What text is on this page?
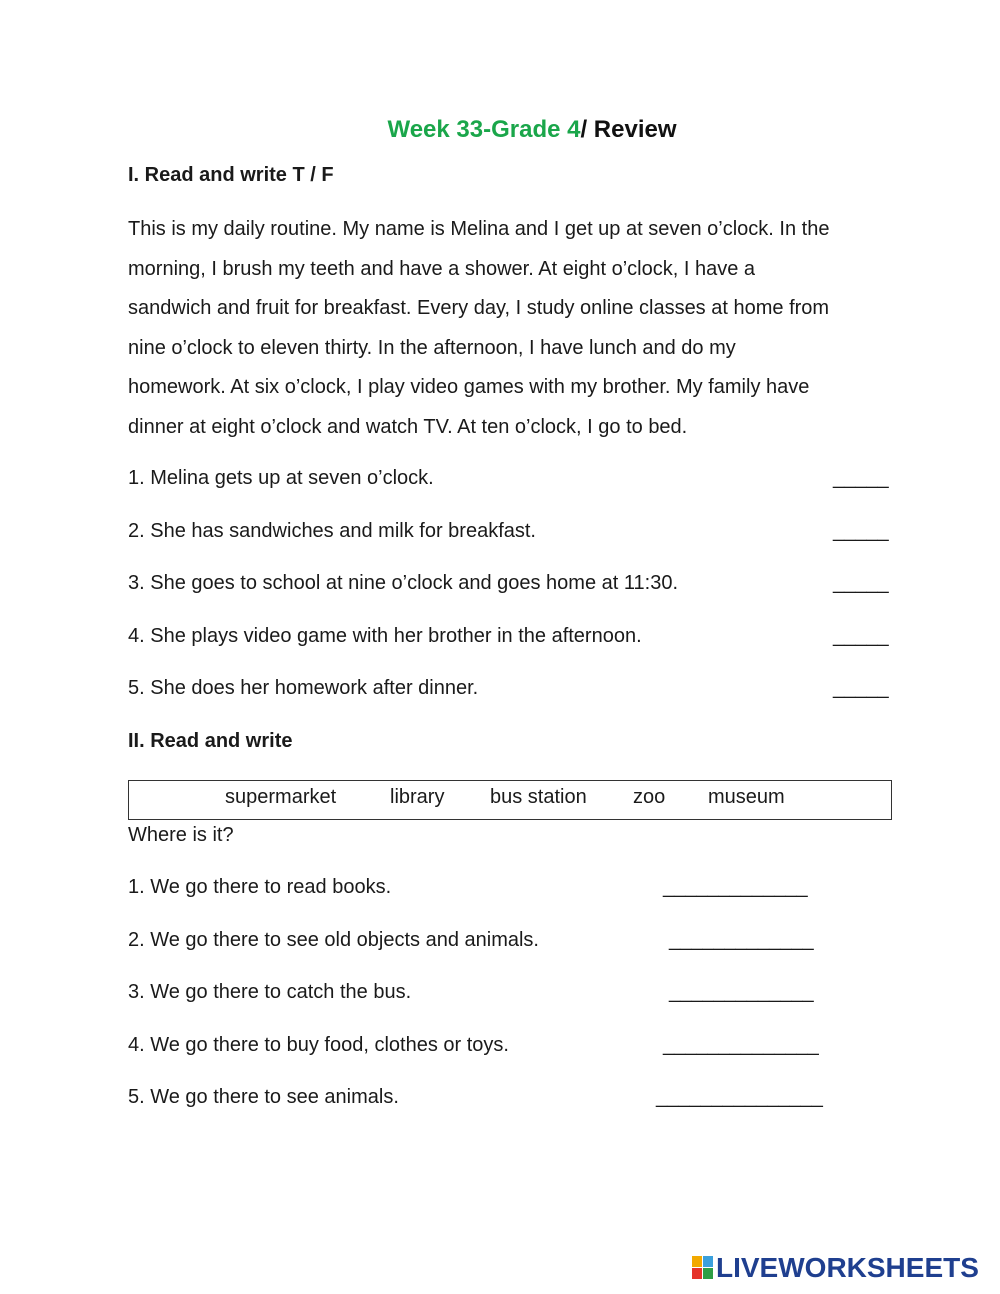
Week 33-Grade 4/ Review
I. Read and write T / F
This is my daily routine. My name is Melina and I get up at seven o’clock. In the
morning, I brush my teeth and have a shower. At eight o’clock, I have a
sandwich and fruit for breakfast. Every day, I study online classes at home from
nine o’clock to eleven thirty. In the afternoon, I have lunch and do my
homework. At six o’clock, I play video games with my brother. My family have
dinner at eight o’clock and watch TV. At ten o’clock, I go to bed.
1. Melina gets up at seven o’clock.	_____
2. She has sandwiches and milk for breakfast.	_____
3. She goes to school at nine o’clock and goes home at 11:30.	_____
4. She plays video game with her brother in the afternoon.	_____
5. She does her homework after dinner.	_____
II. Read and write
supermarket	library bus station zoo museum
Where is it?
1. We go there to read books.	_____________
2. We go there to see old objects and animals.	_____________
3. We go there to catch the bus.	_____________
4. We go there to buy food, clothes or toys.	______________
5. We go there to see animals.	_______________
LIVEWORKSHEETS
